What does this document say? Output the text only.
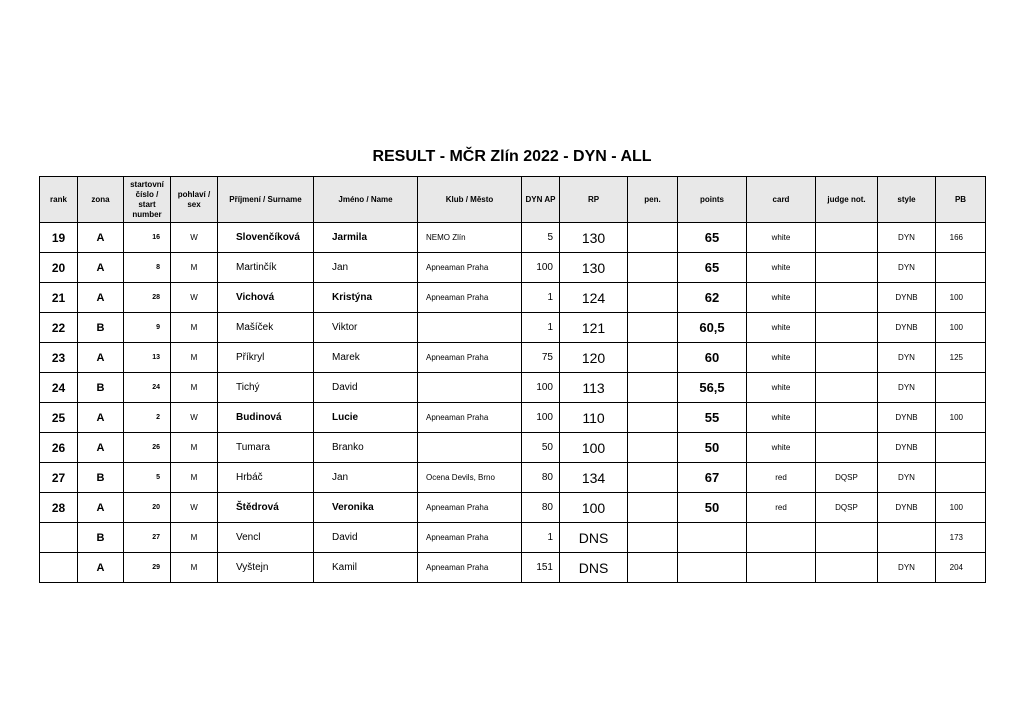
RESULT - MČR Zlín 2022 - DYN - ALL
rank	zona	startovní číslo / start number	pohlaví / sex	Příjmení / Surname	Jméno / Name	Klub / Město	DYN AP	RP	pen.	points	card	judge not.	style	PB
19	A	16	W	Slovenčíková	Jarmila	NEMO Zlín	5	130		65	white		DYN	166
20	A	8	M	Martinčík	Jan	Apneaman Praha	100	130		65	white		DYN	
21	A	28	W	Vichová	Kristýna	Apneaman Praha	1	124		62	white		DYNB	100
22	B	9	M	Mašíček	Viktor		1	121		60,5	white		DYNB	100
23	A	13	M	Příkryl	Marek	Apneaman Praha	75	120		60	white		DYN	125
24	B	24	M	Tichý	David		100	113		56,5	white		DYN	
25	A	2	W	Budinová	Lucie	Apneaman Praha	100	110		55	white		DYNB	100
26	A	26	M	Tumara	Branko		50	100		50	white		DYNB	
27	B	5	M	Hrbáč	Jan	Ocena Devils, Brno	80	134		67	red	DQSP	DYN	
28	A	20	W	Štědrová	Veronika	Apneaman Praha	80	100		50	red	DQSP	DYNB	100
	B	27	M	Vencl	David	Apneaman Praha	1	DNS						173
	A	29	M	Vyštejn	Kamil	Apneaman Praha	151	DNS					DYN	204
